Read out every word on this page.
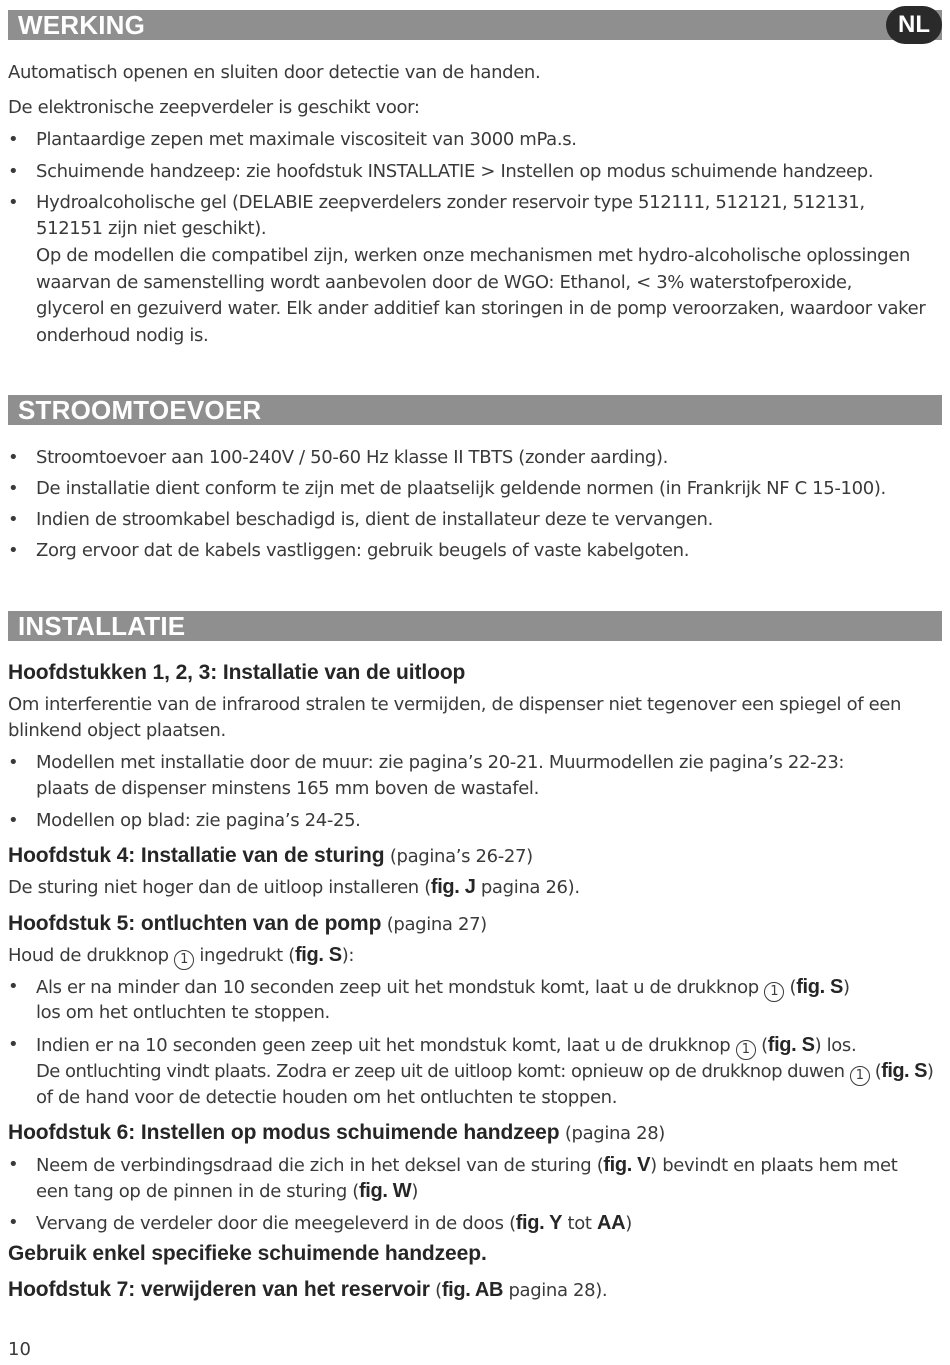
WERKING	NL
Automatisch openen en sluiten door detectie van de handen.
De elektronische zeepverdeler is geschikt voor:
• Plantaardige zepen met maximale viscositeit van 3000 mPa.s.
• Schuimende handzeep: zie hoofdstuk INSTALLATIE > Instellen op modus schuimende handzeep.
• Hydroalcoholische gel (DELABIE zeepverdelers zonder reservoir type 512111, 512121, 512131,
512151 zijn niet geschikt).
Op de modellen die compatibel zijn, werken onze mechanismen met hydro-alcoholische oplossingen
waarvan de samenstelling wordt aanbevolen door de WGO: Ethanol, < 3% waterstofperoxide,
glycerol en gezuiverd water. Elk ander additief kan storingen in de pomp veroorzaken, waardoor vaker
onderhoud nodig is.
STROOMTOEVOER
• Stroomtoevoer aan 100-240V / 50-60 Hz klasse II TBTS (zonder aarding).
• De installatie dient conform te zijn met de plaatselijk geldende normen (in Frankrijk NF C 15-100).
• Indien de stroomkabel beschadigd is, dient de installateur deze te vervangen.
• Zorg ervoor dat de kabels vastliggen: gebruik beugels of vaste kabelgoten.
INSTALLATIE
Hoofdstukken 1, 2, 3: Installatie van de uitloop
Om interferentie van de infrarood stralen te vermijden, de dispenser niet tegenover een spiegel of een
blinkend object plaatsen.
• Modellen met installatie door de muur: zie pagina’s 20-21. Muurmodellen zie pagina’s 22-23:
plaats de dispenser minstens 165 mm boven de wastafel.
• Modellen op blad: zie pagina’s 24-25.
Hoofdstuk 4: Installatie van de sturing (pagina’s 26-27)
De sturing niet hoger dan de uitloop installeren (fig. J pagina 26).
Hoofdstuk 5: ontluchten van de pomp (pagina 27)
Houd de drukknop 1 ingedrukt (fig. S):
• Als er na minder dan 10 seconden zeep uit het mondstuk komt, laat u de drukknop 1 (fig. S)
los om het ontluchten te stoppen.
• Indien er na 10 seconden geen zeep uit het mondstuk komt, laat u de drukknop 1 (fig. S) los.
De ontluchting vindt plaats. Zodra er zeep uit de uitloop komt: opnieuw op de drukknop duwen 1 (fig. S)
of de hand voor de detectie houden om het ontluchten te stoppen.
Hoofdstuk 6: Instellen op modus schuimende handzeep (pagina 28)
• Neem de verbindingsdraad die zich in het deksel van de sturing (fig. V) bevindt en plaats hem met
een tang op de pinnen in de sturing (fig. W)
• Vervang de verdeler door die meegeleverd in de doos (fig. Y tot AA)
Gebruik enkel specifieke schuimende handzeep.
Hoofdstuk 7: verwijderen van het reservoir (fig. AB pagina 28).
10
